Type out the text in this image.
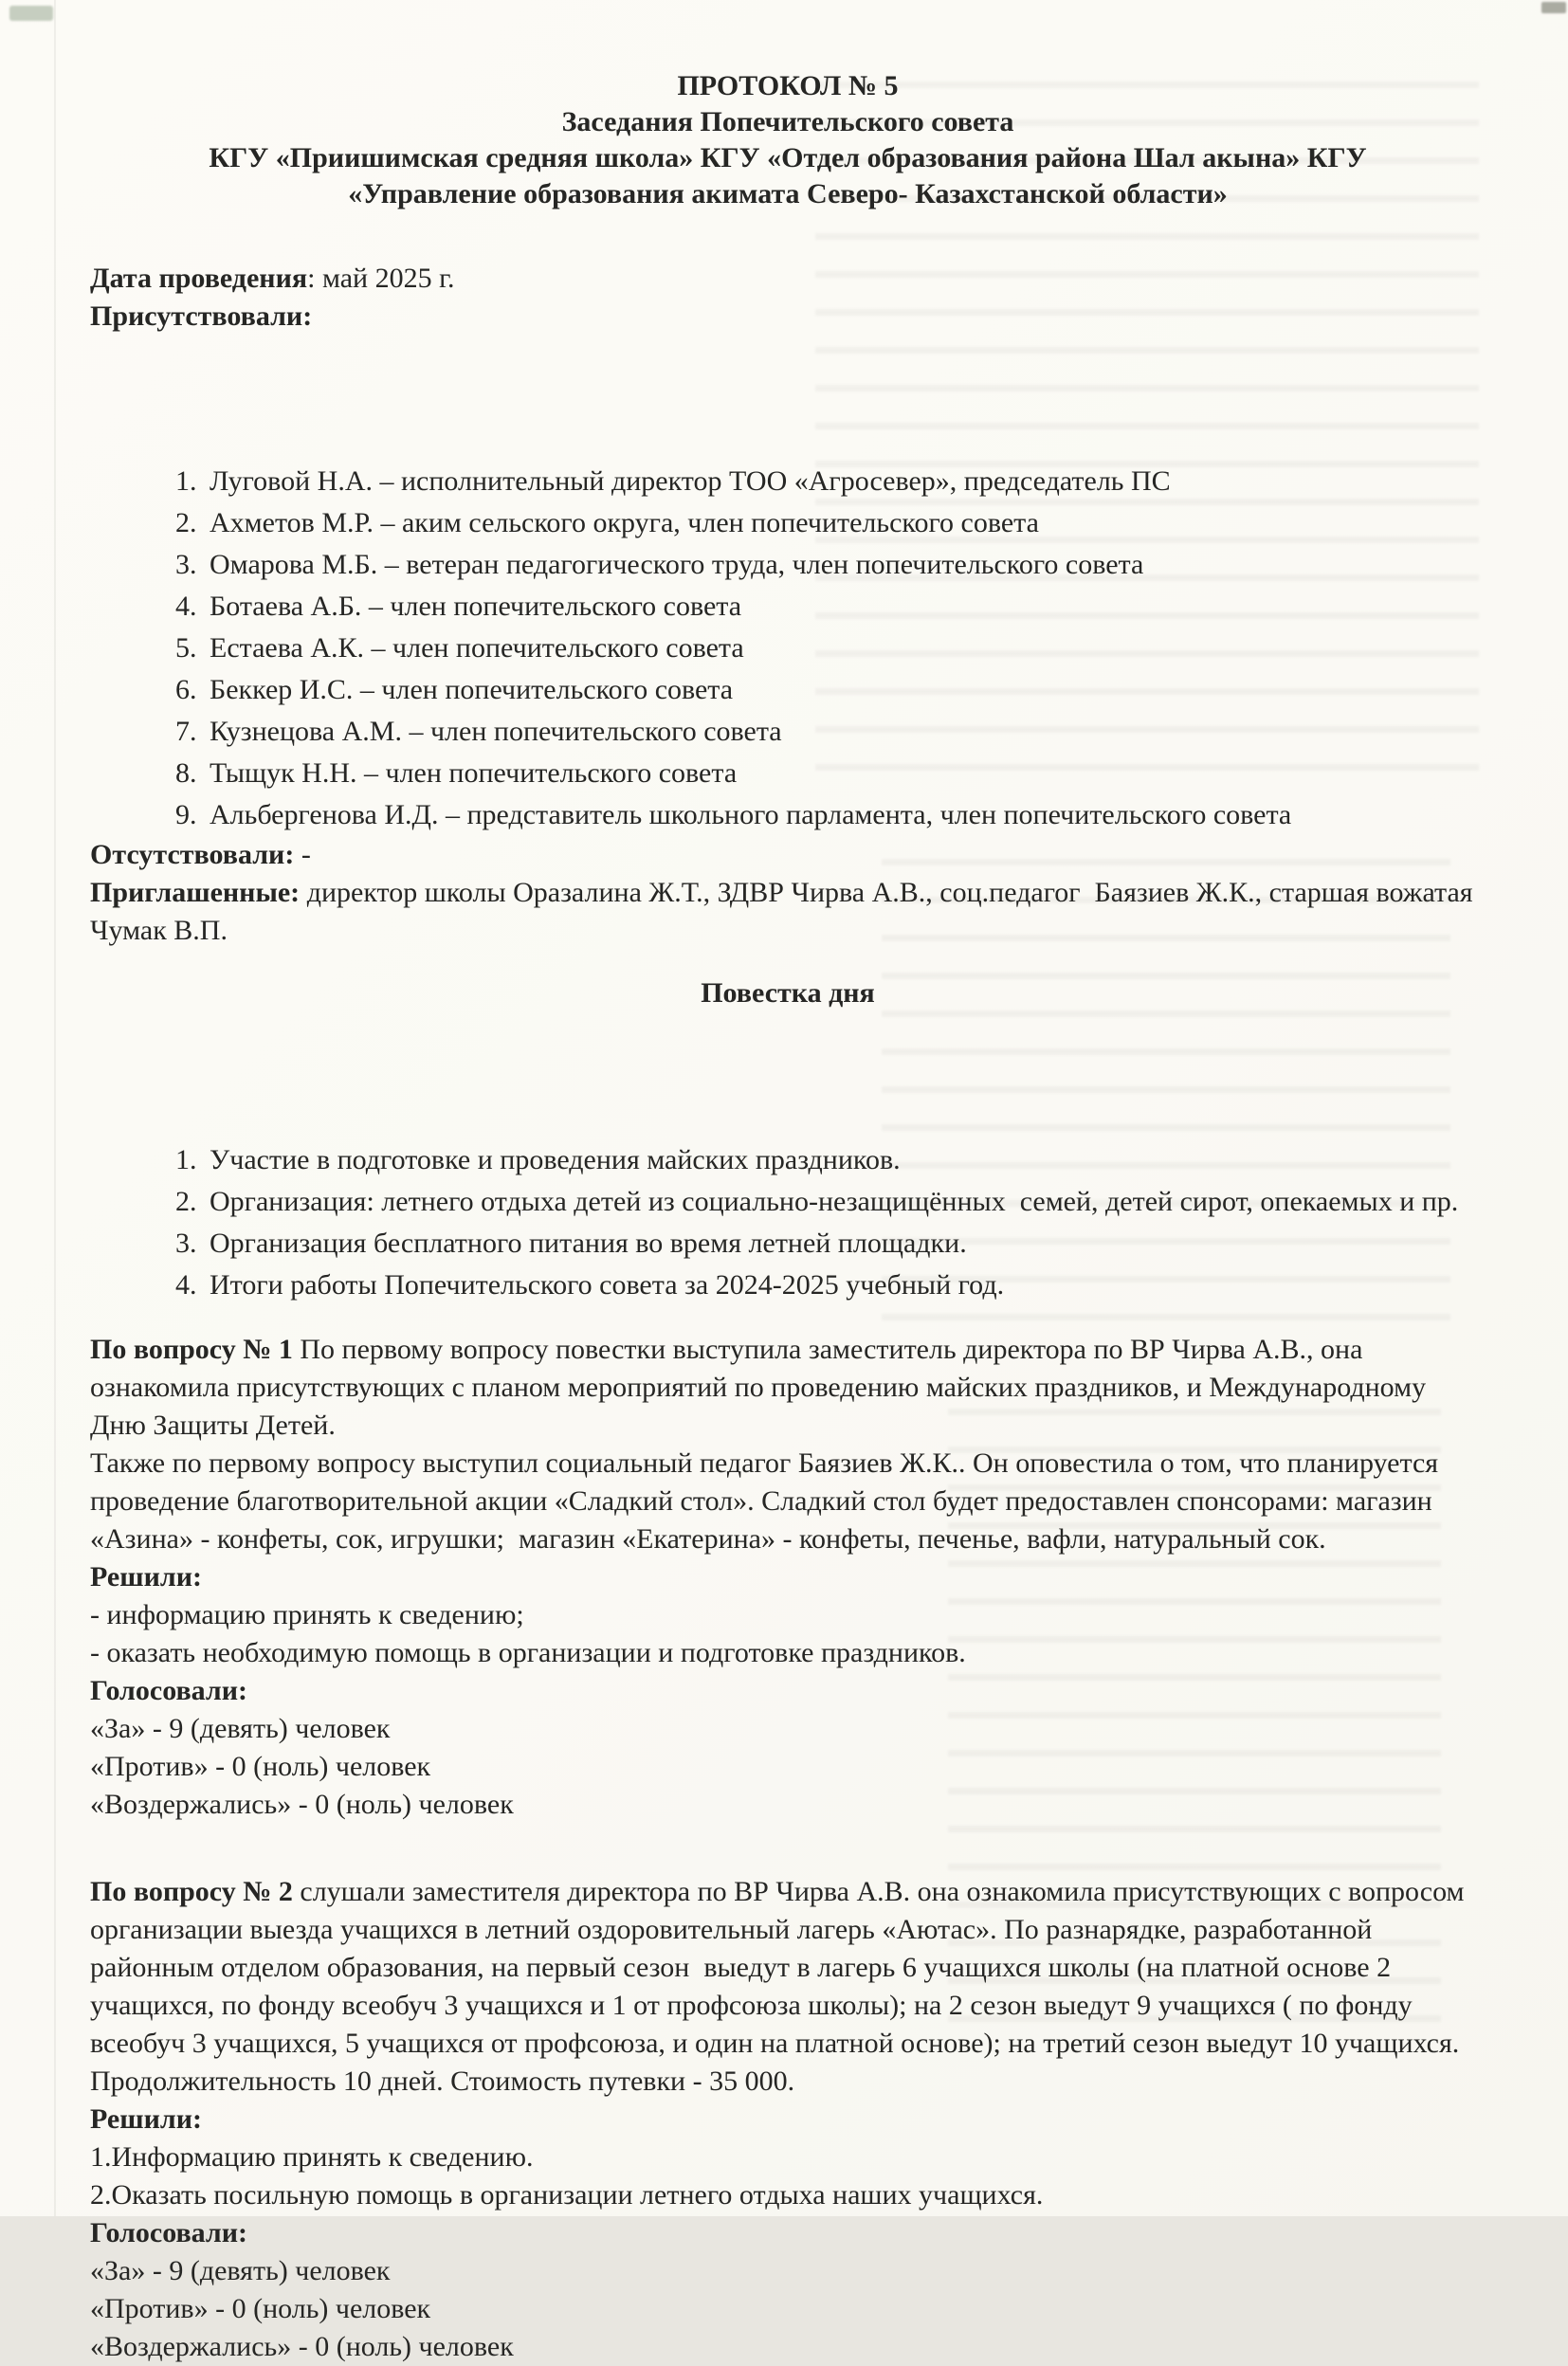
ПРОТОКОЛ № 5
Заседания Попечительского совета
КГУ «Приишимская средняя школа» КГУ «Отдел образования района Шал акына» КГУ
«Управление образования акимата Северо- Казахстанской области»

Дата проведения: май 2025 г.

Присутствовали:

1. Луговой Н.А. – исполнительный директор ТОО «Агросевер», председатель ПС
2. Ахметов М.Р. – аким сельского округа, член попечительского совета
3. Омарова М.Б. – ветеран педагогического труда, член попечительского совета
4. Ботаева А.Б. – член попечительского совета
5. Естаева А.К. – член попечительского совета
6. Беккер И.С. – член попечительского совета
7. Кузнецова А.М. – член попечительского совета
8. Тыщук Н.Н. – член попечительского совета
9. Альбергенова И.Д. – представитель школьного парламента, член попечительского совета

Отсутствовали: -

Приглашенные: директор школы Оразалина Ж.Т., ЗДВР Чирва А.В., соц.педагог  Баязиев Ж.К., старшая вожатая Чумак В.П.

Повестка дня

1. Участие в подготовке и проведения майских праздников.
2. Организация: летнего отдыха детей из социально-незащищённых  семей, детей сирот, опекаемых и пр.
3. Организация бесплатного питания во время летней площадки.
4. Итоги работы Попечительского совета за 2024-2025 учебный год.

По вопросу № 1 По первому вопросу повестки выступила заместитель директора по ВР Чирва А.В., она ознакомила присутствующих с планом мероприятий по проведению майских праздников, и Международному Дню Защиты Детей.

Также по первому вопросу выступил социальный педагог Баязиев Ж.К.. Он оповестила о том, что планируется проведение благотворительной акции «Сладкий стол». Сладкий стол будет предоставлен спонсорами: магазин «Азина» - конфеты, сок, игрушки;  магазин «Екатерина» - конфеты, печенье, вафли, натуральный сок.

Решили:

- информацию принять к сведению;

- оказать необходимую помощь в организации и подготовке праздников.

Голосовали:

«За» - 9 (девять) человек

«Против» - 0 (ноль) человек

«Воздержались» - 0 (ноль) человек

По вопросу № 2 слушали заместителя директора по ВР Чирва А.В. она ознакомила присутствующих с вопросом организации выезда учащихся в летний оздоровительный лагерь «Аютас». По разнарядке, разработанной районным отделом образования, на первый сезон  выедут в лагерь 6 учащихся школы (на платной основе 2 учащихся, по фонду всеобуч 3 учащихся и 1 от профсоюза школы); на 2 сезон выедут 9 учащихся ( по фонду всеобуч 3 учащихся, 5 учащихся от профсоюза, и один на платной основе); на третий сезон выедут 10 учащихся. Продолжительность 10 дней. Стоимость путевки - 35 000.

Решили:

1.Информацию принять к сведению.

2.Оказать посильную помощь в организации летнего отдыха наших учащихся.

Голосовали:

«За» - 9 (девять) человек

«Против» - 0 (ноль) человек

«Воздержались» - 0 (ноль) человек
